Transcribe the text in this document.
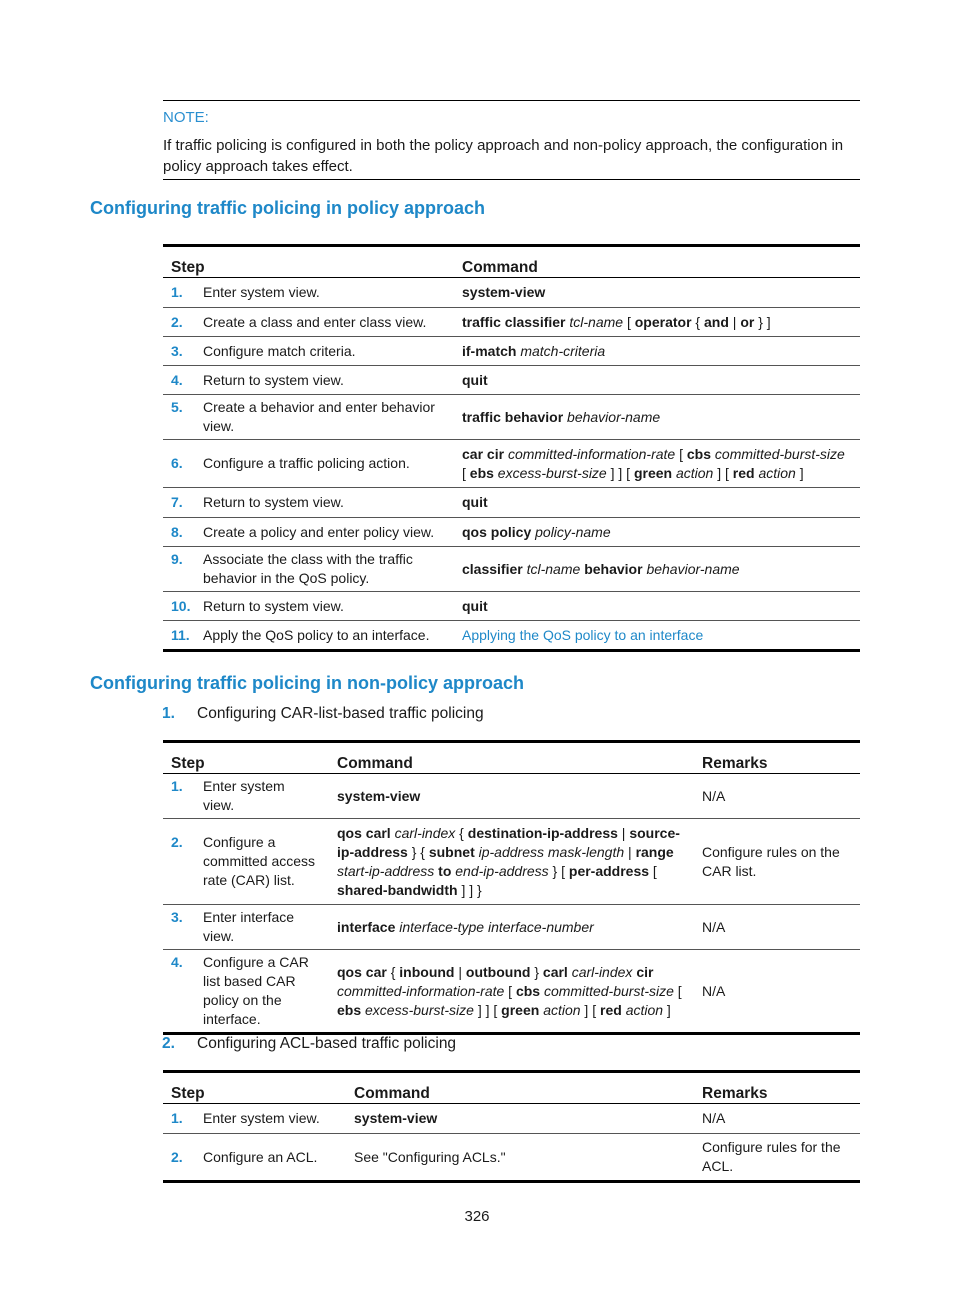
NOTE:
If traffic policing is configured in both the policy approach and non-policy approach, the configuration in policy approach takes effect.
Configuring traffic policing in policy approach
Step	Command
1. Enter system view.	system-view
2. Create a class and enter class view.	traffic classifier tcl-name [ operator { and | or } ]
3. Configure match criteria.	if-match match-criteria
4. Return to system view.	quit
5. Create a behavior and enter behavior view.	traffic behavior behavior-name
6. Configure a traffic policing action.	car cir committed-information-rate [ cbs committed-burst-size [ ebs excess-burst-size ] ] [ green action ] [ red action ]
7. Return to system view.	quit
8. Create a policy and enter policy view.	qos policy policy-name
9. Associate the class with the traffic behavior in the QoS policy.	classifier tcl-name behavior behavior-name
10. Return to system view.	quit
11. Apply the QoS policy to an interface.	Applying the QoS policy to an interface
Configuring traffic policing in non-policy approach
1. Configuring CAR-list-based traffic policing
Step	Command	Remarks
1. Enter system view.	system-view	N/A
2. Configure a committed access rate (CAR) list.	qos carl carl-index { destination-ip-address | source-ip-address } { subnet ip-address mask-length | range start-ip-address to end-ip-address } [ per-address [ shared-bandwidth ] ] }	Configure rules on the CAR list.
3. Enter interface view.	interface interface-type interface-number	N/A
4. Configure a CAR list based CAR policy on the interface.	qos car { inbound | outbound } carl carl-index cir committed-information-rate [ cbs committed-burst-size [ ebs excess-burst-size ] ] [ green action ] [ red action ]	N/A
2. Configuring ACL-based traffic policing
Step	Command	Remarks
1. Enter system view.	system-view	N/A
2. Configure an ACL.	See "Configuring ACLs."	Configure rules for the ACL.
326
